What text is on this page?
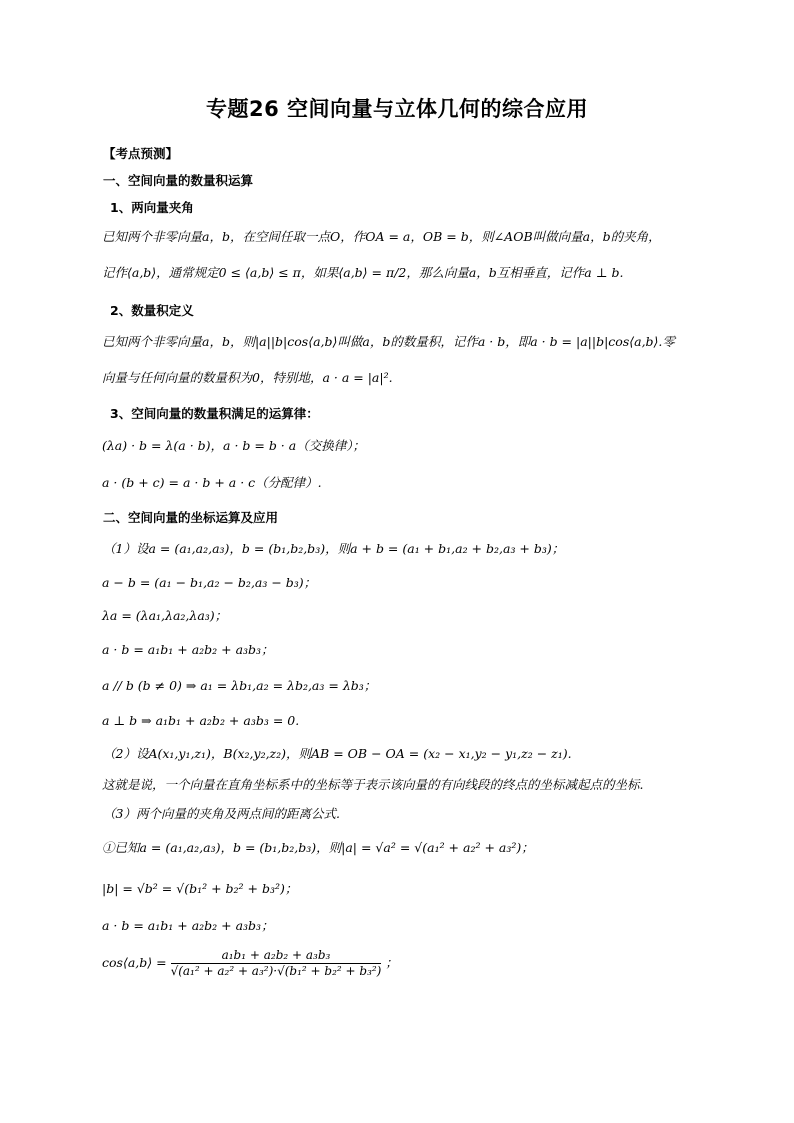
专题26 空间向量与立体几何的综合应用
【考点预测】
一、空间向量的数量积运算
1、两向量夹角
已知两个非零向量a，b，在空间任取一点O，作OA = a，OB = b，则∠AOB叫做向量a，b的夹角，
记作⟨a,b⟩，通常规定0 ≤ ⟨a,b⟩ ≤ π，如果⟨a,b⟩ = π/2，那么向量a，b互相垂直，记作a ⊥ b.
2、数量积定义
已知两个非零向量a，b，则|a||b|cos⟨a,b⟩叫做a，b的数量积，记作a · b，即a · b = |a||b|cos⟨a,b⟩.零
向量与任何向量的数量积为0，特别地，a · a = |a|².
3、空间向量的数量积满足的运算律：
(λa) · b = λ(a · b)，a · b = b · a（交换律）；
a · (b + c) = a · b + a · c（分配律）.
二、空间向量的坐标运算及应用
（1）设a = (a₁,a₂,a₃)，b = (b₁,b₂,b₃)，则a + b = (a₁ + b₁,a₂ + b₂,a₃ + b₃)；
a − b = (a₁ − b₁,a₂ − b₂,a₃ − b₃)；
λa = (λa₁,λa₂,λa₃)；
a · b = a₁b₁ + a₂b₂ + a₃b₃；
a // b (b ≠ 0) ⇒ a₁ = λb₁,a₂ = λb₂,a₃ = λb₃；
a ⊥ b ⇒ a₁b₁ + a₂b₂ + a₃b₃ = 0.
（2）设A(x₁,y₁,z₁)，B(x₂,y₂,z₂)，则AB = OB − OA = (x₂ − x₁,y₂ − y₁,z₂ − z₁).
这就是说，一个向量在直角坐标系中的坐标等于表示该向量的有向线段的终点的坐标减起点的坐标.
（3）两个向量的夹角及两点间的距离公式.
①已知a = (a₁,a₂,a₃)，b = (b₁,b₂,b₃)，则|a| = √a² = √(a₁² + a₂² + a₃²)；
|b| = √b² = √(b₁² + b₂² + b₃²)；
a · b = a₁b₁ + a₂b₂ + a₃b₃；
cos⟨a,b⟩ = $\frac{\text{a₁b₁ + a₂b₂ + a₃b₃}}{\text{√(a₁² + a₂² + a₃²)·√(b₁² + b₂² + b₃²)}}$ ；
